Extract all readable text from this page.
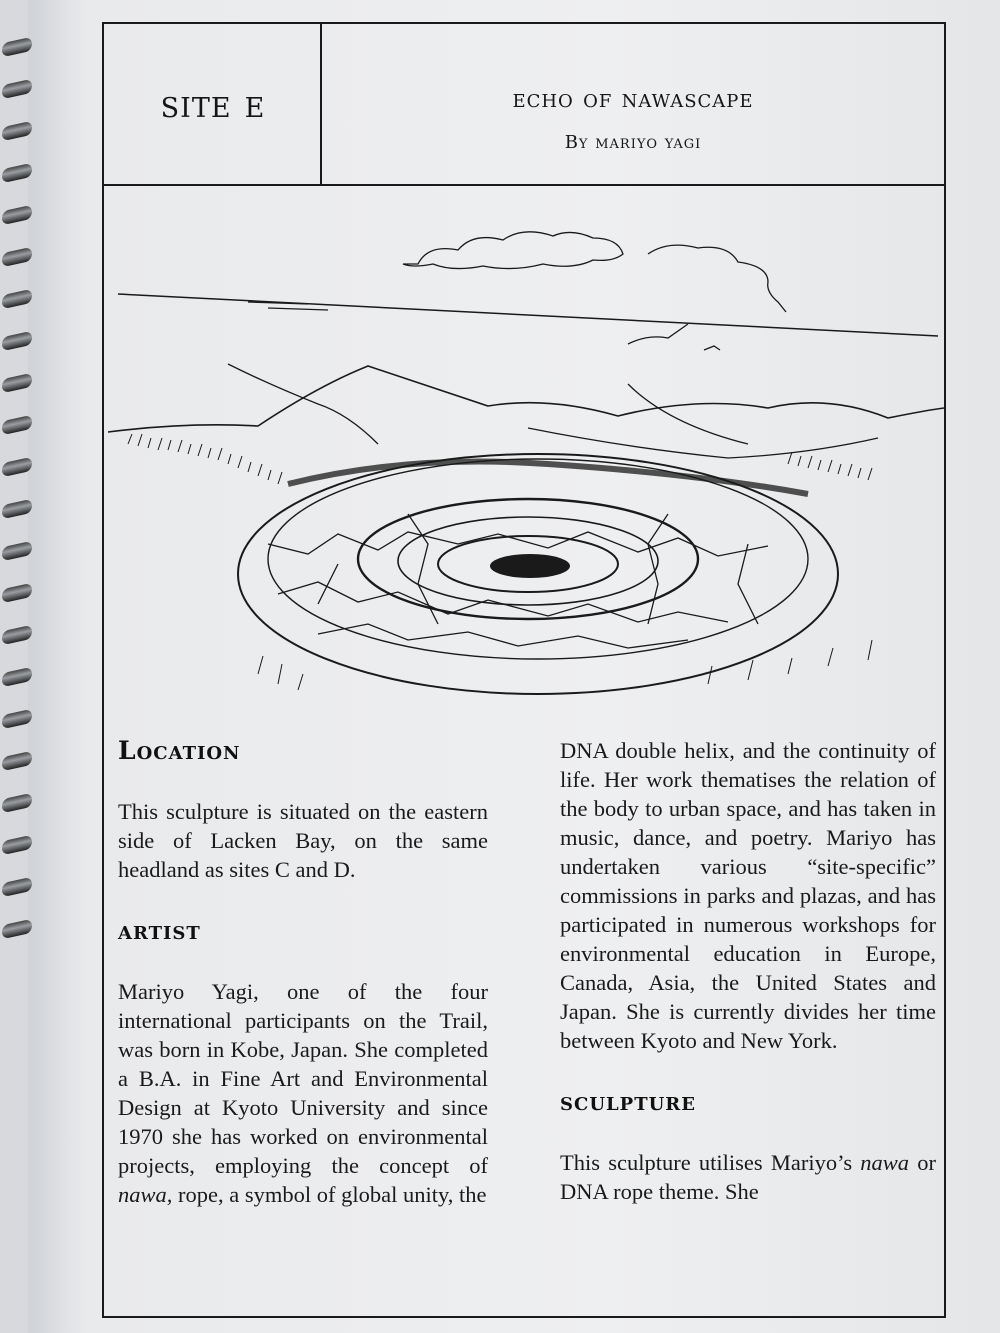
site e	echo of nawascape
By mariyo yagi
Location

This sculpture is situated on the eastern side of Lacken Bay, on the same headland as sites C and D.

artist

Mariyo Yagi, one of the four international participants on the Trail, was born in Kobe, Japan. She completed a B.A. in Fine Art and Environmental Design at Kyoto University and since 1970 she has worked on environmental projects, employing the concept of nawa, rope, a symbol of global unity, the

DNA double helix, and the continuity of life. Her work thematises the relation of the body to urban space, and has taken in music, dance, and poetry. Mariyo has undertaken various “site-specific” commissions in parks and plazas, and has participated in numerous workshops for environmental education in Europe, Canada, Asia, the United States and Japan. She is currently divides her time between Kyoto and New York.

sculpture

This sculpture utilises Mariyo’s nawa or DNA rope theme. She
